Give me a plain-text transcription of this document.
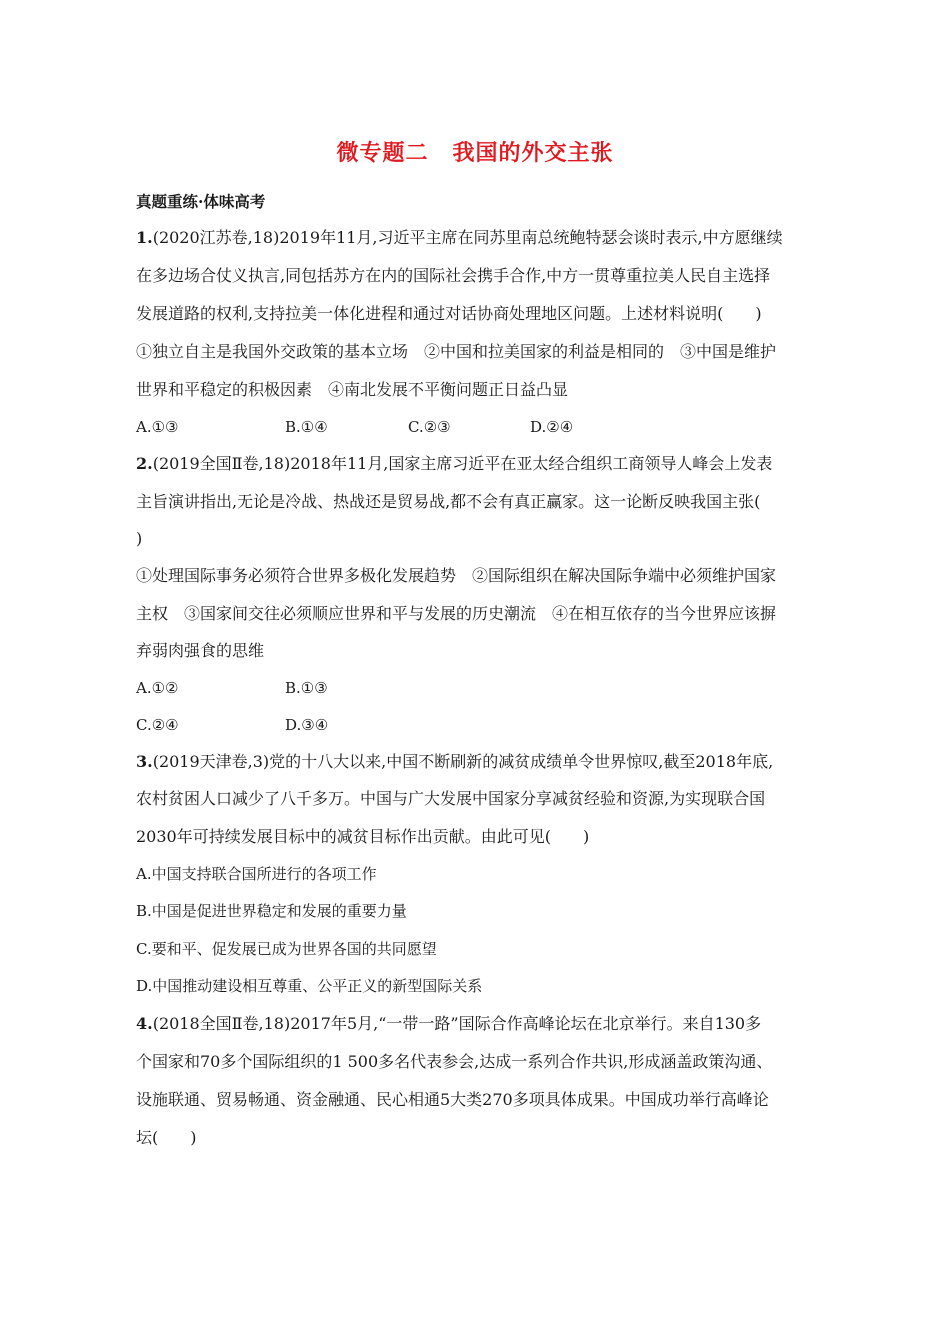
微专题二 我国的外交主张
真题重练·体味高考
1.(2020江苏卷,18)2019年11月,习近平主席在同苏里南总统鲍特瑟会谈时表示,中方愿继续
在多边场合仗义执言,同包括苏方在内的国际社会携手合作,中方一贯尊重拉美人民自主选择
发展道路的权利,支持拉美一体化进程和通过对话协商处理地区问题。上述材料说明(　　)
①独立自主是我国外交政策的基本立场　②中国和拉美国家的利益是相同的　③中国是维护
世界和平稳定的积极因素　④南北发展不平衡问题正日益凸显
A.①③	B.①④	C.②③	D.②④
2.(2019全国Ⅱ卷,18)2018年11月,国家主席习近平在亚太经合组织工商领导人峰会上发表
主旨演讲指出,无论是冷战、热战还是贸易战,都不会有真正赢家。这一论断反映我国主张(
)
①处理国际事务必须符合世界多极化发展趋势　②国际组织在解决国际争端中必须维护国家
主权　③国家间交往必须顺应世界和平与发展的历史潮流　④在相互依存的当今世界应该摒
弃弱肉强食的思维
A.①②	B.①③
C.②④	D.③④
3.(2019天津卷,3)党的十八大以来,中国不断刷新的减贫成绩单令世界惊叹,截至2018年底,
农村贫困人口减少了八千多万。中国与广大发展中国家分享减贫经验和资源,为实现联合国
2030年可持续发展目标中的减贫目标作出贡献。由此可见(　　)
A.中国支持联合国所进行的各项工作
B.中国是促进世界稳定和发展的重要力量
C.要和平、促发展已成为世界各国的共同愿望
D.中国推动建设相互尊重、公平正义的新型国际关系
4.(2018全国Ⅱ卷,18)2017年5月,“一带一路”国际合作高峰论坛在北京举行。来自130多
个国家和70多个国际组织的1 500多名代表参会,达成一系列合作共识,形成涵盖政策沟通、
设施联通、贸易畅通、资金融通、民心相通5大类270多项具体成果。中国成功举行高峰论
坛(　　)
